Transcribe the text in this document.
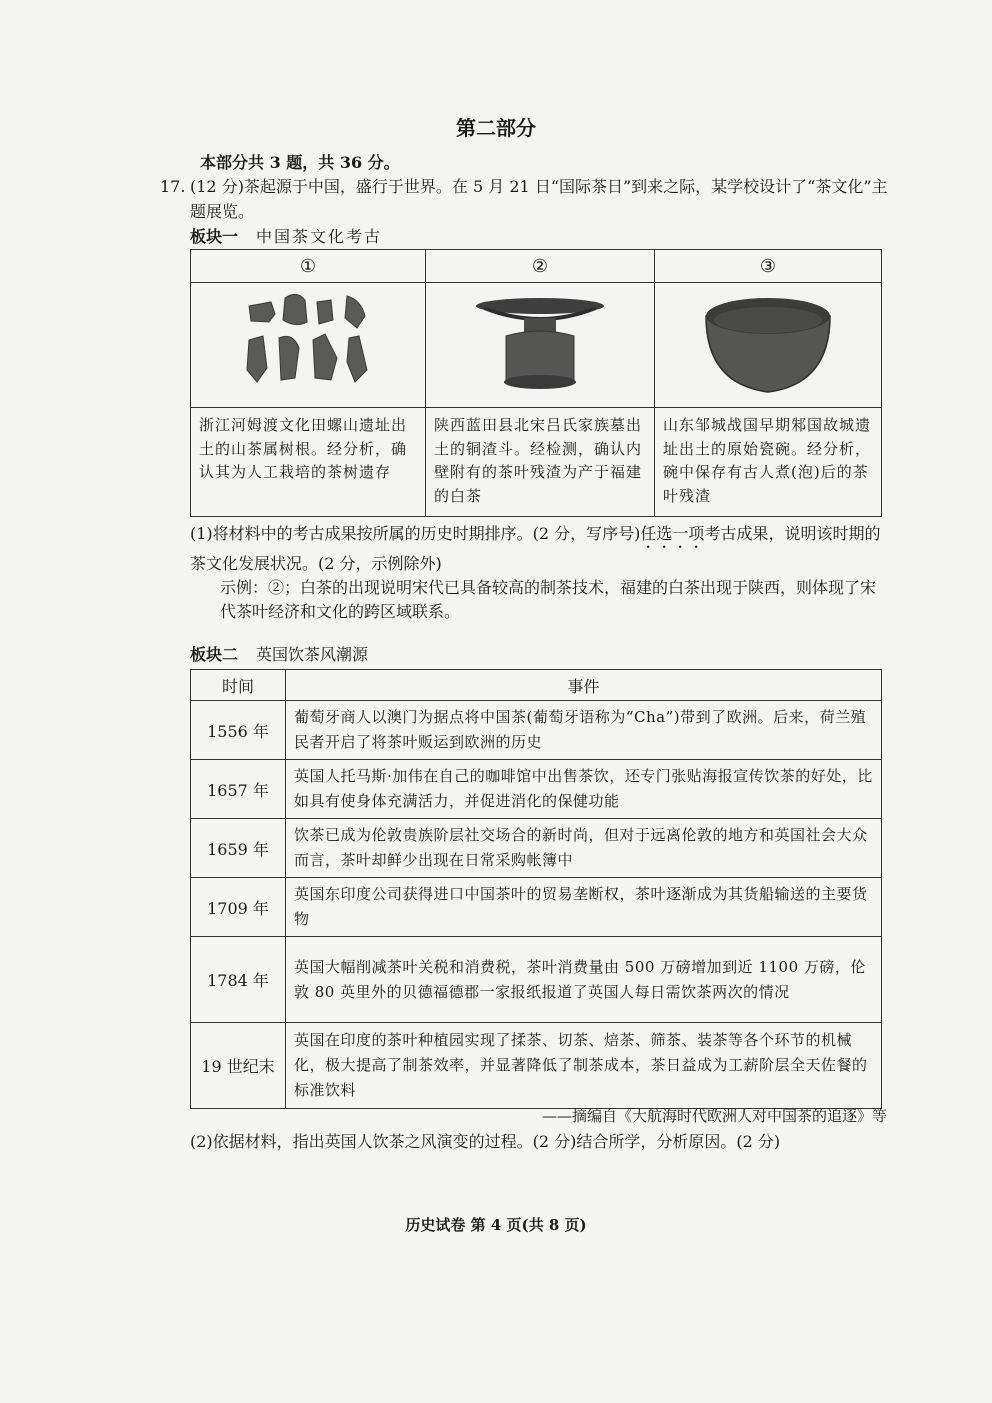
第二部分
本部分共 3 题，共 36 分。
17. (12 分)茶起源于中国，盛行于世界。在 5 月 21 日“国际茶日”到来之际，某学校设计了“茶文化”主题展览。
板块一 中国茶文化考古
①	②	③

浙江河姆渡文化田螺山遗址出土的山茶属树根。经分析，确认其为人工栽培的茶树遗存	陕西蓝田县北宋吕氏家族墓出土的铜渣斗。经检测，确认内壁附有的茶叶残渣为产于福建的白茶	山东邹城战国早期邾国故城遗址出土的原始瓷碗。经分析，碗中保存有古人煮(泡)后的茶叶残渣
(1)将材料中的考古成果按所属的历史时期排序。(2 分，写序号)任选一项考古成果，说明该时期的茶文化发展状况。(2 分，示例除外)
示例：②；白茶的出现说明宋代已具备较高的制茶技术，福建的白茶出现于陕西，则体现了宋代茶叶经济和文化的跨区域联系。
板块二 英国饮茶风潮源
时间	事件
1556 年	葡萄牙商人以澳门为据点将中国茶(葡萄牙语称为“Cha”)带到了欧洲。后来，荷兰殖民者开启了将茶叶贩运到欧洲的历史
1657 年	英国人托马斯·加伟在自己的咖啡馆中出售茶饮，还专门张贴海报宣传饮茶的好处，比如具有使身体充满活力，并促进消化的保健功能
1659 年	饮茶已成为伦敦贵族阶层社交场合的新时尚，但对于远离伦敦的地方和英国社会大众而言，茶叶却鲜少出现在日常采购帐簿中
1709 年	英国东印度公司获得进口中国茶叶的贸易垄断权，茶叶逐渐成为其货船输送的主要货物
1784 年	英国大幅削减茶叶关税和消费税，茶叶消费量由 500 万磅增加到近 1100 万磅，伦敦 80 英里外的贝德福德郡一家报纸报道了英国人每日需饮茶两次的情况
19 世纪末	英国在印度的茶叶种植园实现了揉茶、切茶、焙茶、筛茶、装茶等各个环节的机械化，极大提高了制茶效率，并显著降低了制茶成本，茶日益成为工薪阶层全天佐餐的标准饮料
——摘编自《大航海时代欧洲人对中国茶的追逐》等
(2)依据材料，指出英国人饮茶之风演变的过程。(2 分)结合所学，分析原因。(2 分)
历史试卷 第 4 页(共 8 页)
